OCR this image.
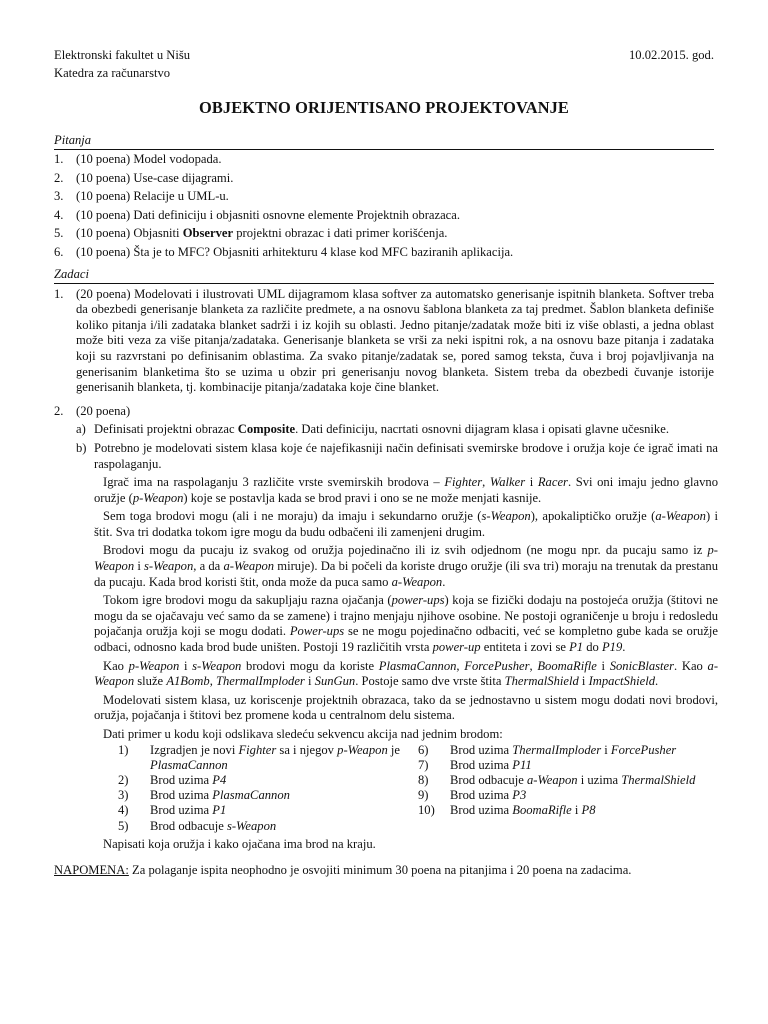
Elektronski fakultet u Nišu
Katedra za računarstvo
10.02.2015. god.
OBJEKTNO ORIJENTISANO PROJEKTOVANJE
Pitanja
1. (10 poena) Model vodopada.
2. (10 poena) Use-case dijagrami.
3. (10 poena) Relacije u UML-u.
4. (10 poena) Dati definiciju i objasniti osnovne elemente Projektnih obrazaca.
5. (10 poena) Objasniti Observer projektni obrazac i dati primer korišćenja.
6. (10 poena) Šta je to MFC? Objasniti arhitekturu 4 klase kod MFC baziranih aplikacija.
Zadaci
1. (20 poena) Modelovati i ilustrovati UML dijagramom klasa softver za automatsko generisanje ispitnih blanketa. Softver treba da obezbedi generisanje blanketa za različite predmete, a na osnovu šablona blanketa za taj predmet. Šablon blanketa definiše koliko pitanja i/ili zadataka blanket sadrži i iz kojih su oblasti. Jedno pitanje/zadatak može biti iz više oblasti, a jedna oblast može biti veza za više pitanja/zadataka. Generisanje blanketa se vrši za neki ispitni rok, a na osnovu baze pitanja i zadataka koji su razvrstani po definisanim oblastima. Za svako pitanje/zadatak se, pored samog teksta, čuva i broj pojavljivanja na generisanim blanketima što se uzima u obzir pri generisanju novog blanketa. Sistem treba da obezbedi čuvanje istorije generisanih blanketa, tj. kombinacije pitanja/zadataka koje čine blanket.
2. (20 poena)
a) Definisati projektni obrazac Composite. Dati definiciju, nacrtati osnovni dijagram klasa i opisati glavne učesnike.
b) Potrebno je modelovati sistem klasa koje će najefikasniji način definisati svemirske brodove i oružja koje će igrač imati na raspolaganju.
Igrač ima na raspolaganju 3 različite vrste svemirskih brodova – Fighter, Walker i Racer. Svi oni imaju jedno glavno oružje (p-Weapon) koje se postavlja kada se brod pravi i ono se ne može menjati kasnije.
Sem toga brodovi mogu (ali i ne moraju) da imaju i sekundarno oružje (s-Weapon), apokaliptičko oružje (a-Weapon) i štit. Sva tri dodatka tokom igre mogu da budu odbačeni ili zamenjeni drugim.
Brodovi mogu da pucaju iz svakog od oružja pojedinačno ili iz svih odjednom (ne mogu npr. da pucaju samo iz p-Weapon i s-Weapon, a da a-Weapon miruje). Da bi počeli da koriste drugo oružje (ili sva tri) moraju na trenutak da prestanu da pucaju. Kada brod koristi štit, onda može da puca samo a-Weapon.
Tokom igre brodovi mogu da sakupljaju razna ojačanja (power-ups) koja se fizički dodaju na postojeća oružja (štitovi ne mogu da se ojačavaju već samo da se zamene) i trajno menjaju njihove osobine. Ne postoji ograničenje u broju i redosledu pojačanja oružja koji se mogu dodati. Power-ups se ne mogu pojedinačno odbaciti, već se kompletno gube kada se oružje odbaci, odnosno kada brod bude uništen. Postoji 19 različitih vrsta power-up entiteta i zovi se P1 do P19.
Kao p-Weapon i s-Weapon brodovi mogu da koriste PlasmaCannon, ForcePusher, BoomaRifle i SonicBlaster. Kao a-Weapon služe A1Bomb, ThermalImploder i SunGun. Postoje samo dve vrste štita ThermalShield i ImpactShield.
Modelovati sistem klasa, uz koriscenje projektnih obrazaca, tako da se jednostavno u sistem mogu dodati novi brodovi, oružja, pojačanja i štitovi bez promene koda u centralnom delu sistema.
Dati primer u kodu koji odslikava sledeću sekvencu akcija nad jednim brodom:
1)	Izgradjen je novi Fighter sa i njegov p-Weapon je PlasmaCannon
2)	Brod uzima P4
3)	Brod uzima PlasmaCannon
4)	Brod uzima P1
5)	Brod odbacuje s-Weapon
6)	Brod uzima ThermalImploder i ForcePusher
7)	Brod uzima P11
8)	Brod odbacuje a-Weapon i uzima ThermalShield
9)	Brod uzima P3
10)	Brod uzima BoomaRifle i P8
Napisati koja oružja i kako ojačana ima brod na kraju.
NAPOMENA: Za polaganje ispita neophodno je osvojiti minimum 30 poena na pitanjima i 20 poena na zadacima.
